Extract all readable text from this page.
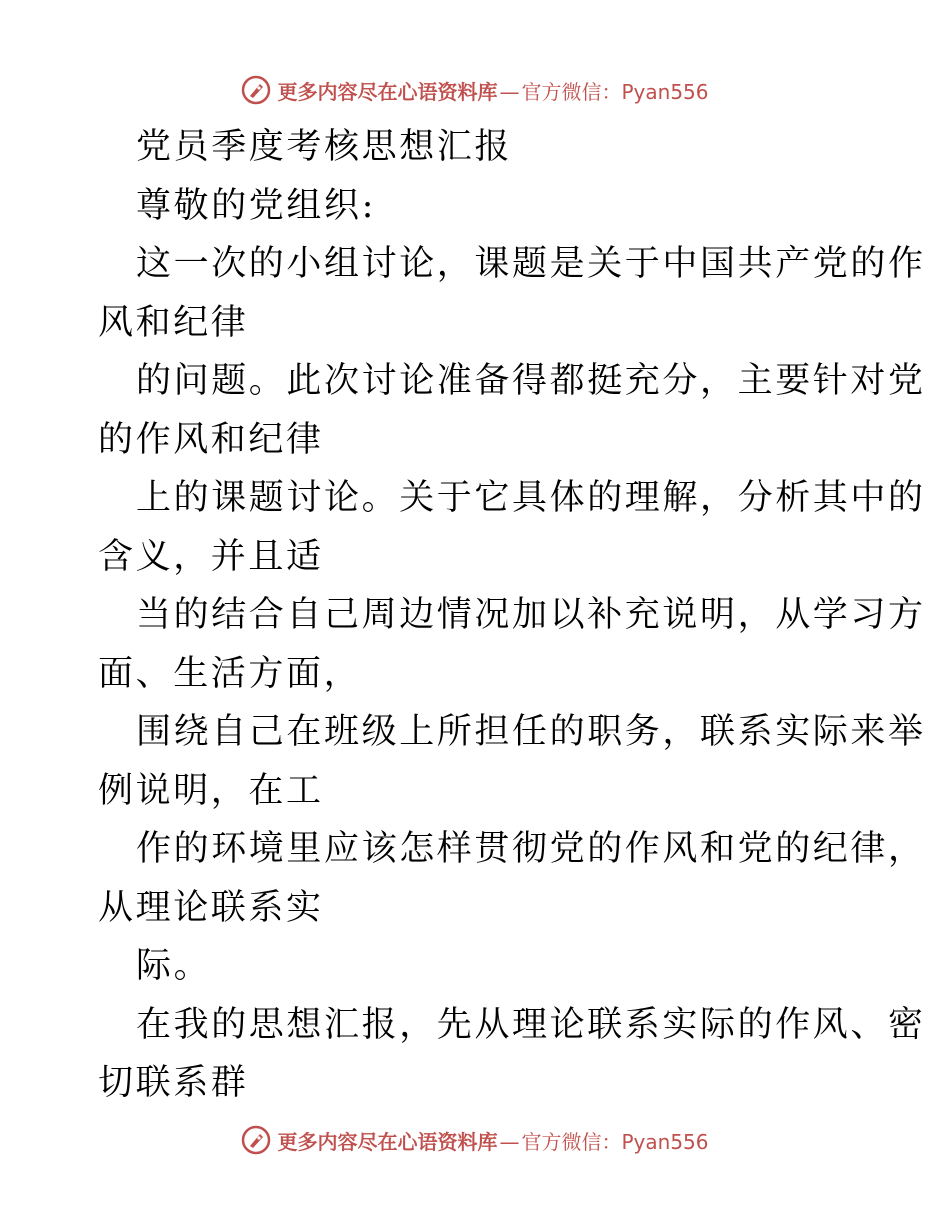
更多内容尽在心语资料库 — 官方微信：Pyan556

党员季度考核思想汇报

尊敬的党组织:

这一次的小组讨论，课题是关于中国共产党的作
风和纪律

的问题。此次讨论准备得都挺充分，主要针对党
的作风和纪律

上的课题讨论。关于它具体的理解，分析其中的
含义，并且适

当的结合自己周边情况加以补充说明，从学习方
面、生活方面，

围绕自己在班级上所担任的职务，联系实际来举
例说明，在工

作的环境里应该怎样贯彻党的作风和党的纪律，
从理论联系实

际。

在我的思想汇报，先从理论联系实际的作风、密
切联系群

更多内容尽在心语资料库 — 官方微信：Pyan556
